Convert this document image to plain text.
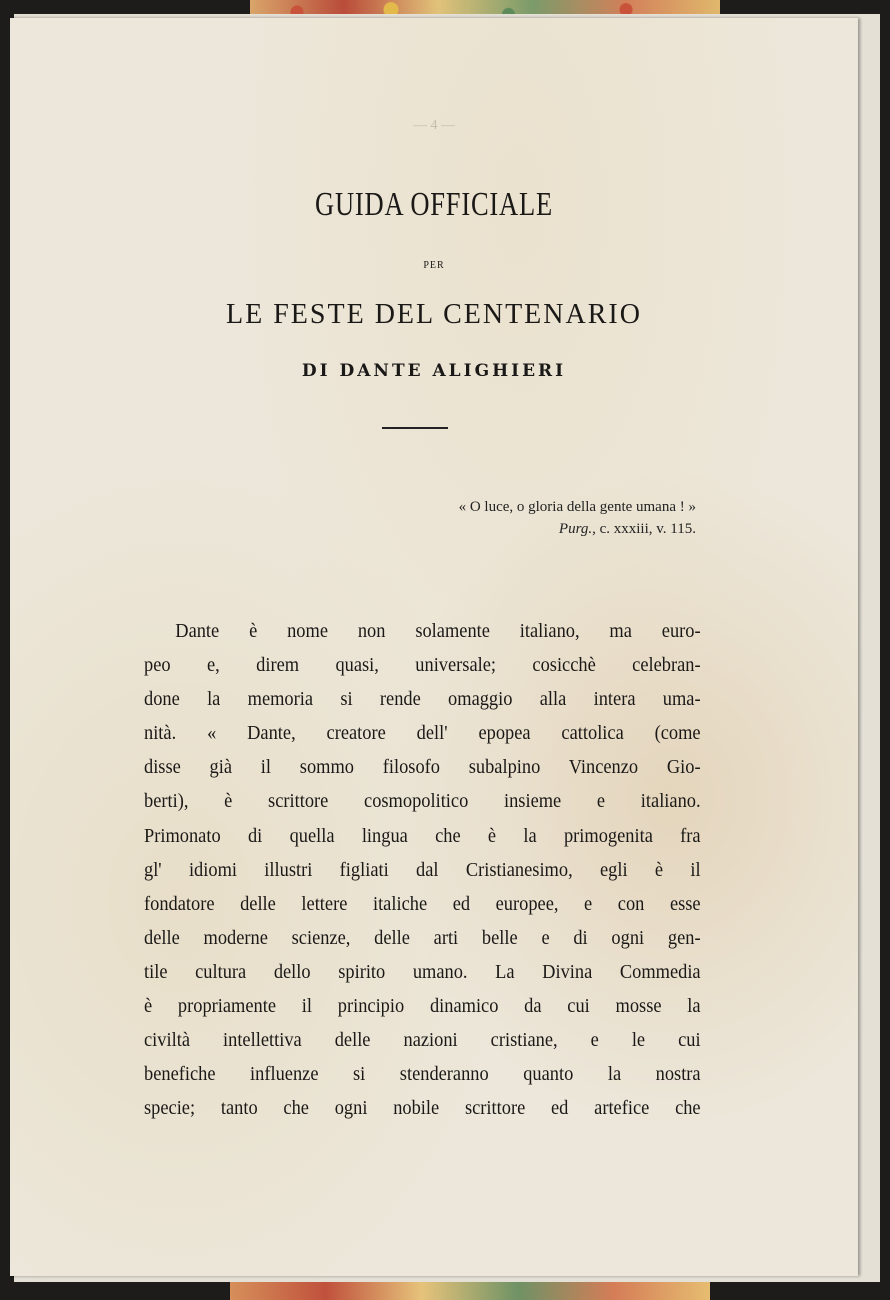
— 4 —
GUIDA OFFICIALE
PER
LE FESTE DEL CENTENARIO
DI DANTE ALIGHIERI
« O luce, o gloria della gente umana ! »
Purg., c. xxxiii, v. 115.
Dante è nome non solamente italiano, ma euro-
peo e, direm quasi, universale; cosicchè celebran-
done la memoria si rende omaggio alla intera uma-
nità. « Dante, creatore dell' epopea cattolica (come
disse già il sommo filosofo subalpino Vincenzo Gio-
berti), è scrittore cosmopolitico insieme e italiano.
Primonato di quella lingua che è la primogenita fra
gl' idiomi illustri figliati dal Cristianesimo, egli è il
fondatore delle lettere italiche ed europee, e con esse
delle moderne scienze, delle arti belle e di ogni gen-
tile cultura dello spirito umano. La Divina Commedia
è propriamente il principio dinamico da cui mosse la
civiltà intellettiva delle nazioni cristiane, e le cui
benefiche influenze si stenderanno quanto la nostra
specie; tanto che ogni nobile scrittore ed artefice che
